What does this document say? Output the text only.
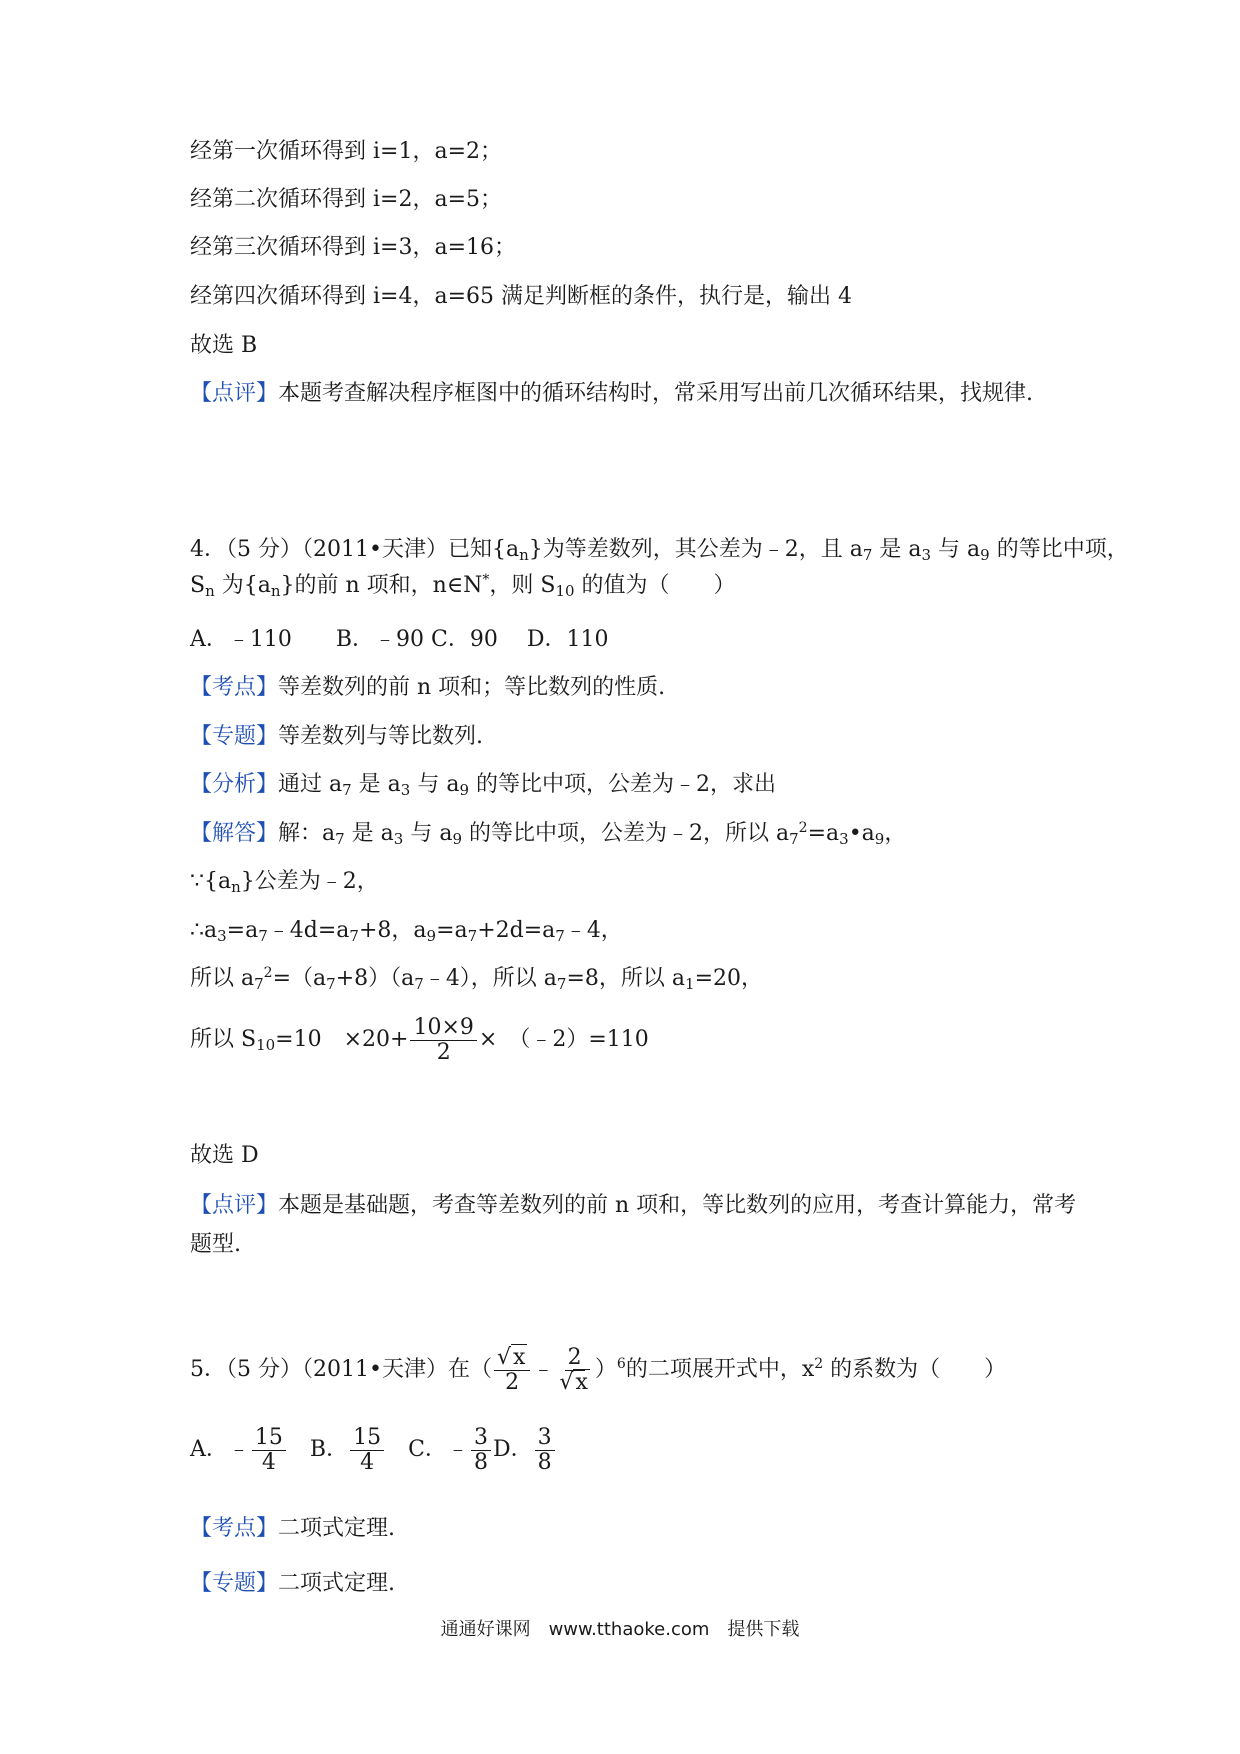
经第一次循环得到 i=1，a=2；
经第二次循环得到 i=2，a=5；
经第三次循环得到 i=3，a=16；
经第四次循环得到 i=4，a=65 满足判断框的条件，执行是，输出 4
故选 B
【点评】本题考查解决程序框图中的循环结构时，常采用写出前几次循环结果，找规律.
4．（5 分）（2011•天津）已知$\{a_n\}$为等差数列，其公差为﹣2，且 $a_7$ 是 $a_3$ 与 $a_9$ 的等比中项，
$S_n$ 为$\{a_n\}$的前 n 项和，n∈N*，则 $S_{10}$ 的值为（　　）
A．﹣110　　B．﹣90 C．90　 D．110
【考点】等差数列的前 n 项和；等比数列的性质.
【专题】等差数列与等比数列.
【分析】通过 $a_7$ 是 $a_3$ 与 $a_9$ 的等比中项，公差为﹣2，求出
【解答】解：$a_7$ 是 $a_3$ 与 $a_9$ 的等比中项，公差为﹣2，所以 $a_7^2=a_3•a_9$，
$\because\{a_n\}$公差为﹣2，
$\therefore a_3=a_7﹣4d=a_7+8$，$a_9=a_7+2d=a_7﹣4$，
所以 $a_7^2=(a_7+8)(a_7﹣4)$，所以 $a_7=8$，所以 $a_1=20$，
所以 $S_{10}=10$　$\times 20+ \frac{10\times 9}{2}$ ×　（﹣2）=110
故选 D
【点评】本题是基础题，考查等差数列的前 n 项和，等比数列的应用，考查计算能力，常考
题型.
5．（5 分）（2011•天津）在（ $\frac{√x}{2}$ ﹣ $\frac{2}{√x} )^6$的二项展开式中，$x^2$ 的系数为（　　）
A．﹣ $\frac{15}{4}$ 　B． $\frac{15}{4}$ 　C．﹣ $\frac{3}{8}$ D． $\frac{3}{8}$
【考点】二项式定理.
【专题】二项式定理.
通通好课网　www.tthaoke.com　提供下载
